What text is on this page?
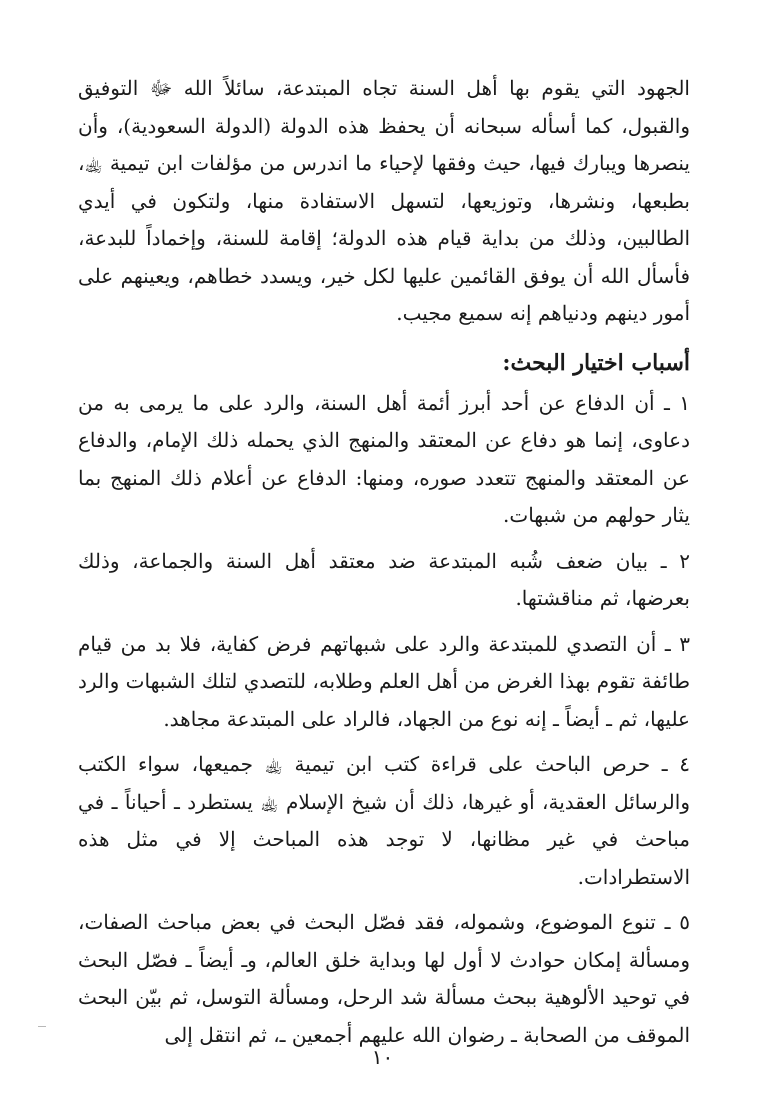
الجهود التي يقوم بها أهل السنة تجاه المبتدعة، سائلاً الله ﷻ التوفيق والقبول، كما أسأله سبحانه أن يحفظ هذه الدولة (الدولة السعودية)، وأن ينصرها ويبارك فيها، حيث وفقها لإحياء ما اندرس من مؤلفات ابن تيمية ﵀، بطبعها، ونشرها، وتوزيعها، لتسهل الاستفادة منها، ولتكون في أيدي الطالبين، وذلك من بداية قيام هذه الدولة؛ إقامة للسنة، وإخماداً للبدعة، فأسأل الله أن يوفق القائمين عليها لكل خير، ويسدد خطاهم، ويعينهم على أمور دينهم ودنياهم إنه سميع مجيب.

أسباب اختيار البحث:

١ ـ أن الدفاع عن أحد أبرز أئمة أهل السنة، والرد على ما يرمى به من دعاوى، إنما هو دفاع عن المعتقد والمنهج الذي يحمله ذلك الإمام، والدفاع عن المعتقد والمنهج تتعدد صوره، ومنها: الدفاع عن أعلام ذلك المنهج بما يثار حولهم من شبهات.

٢ ـ بيان ضعف شُبه المبتدعة ضد معتقد أهل السنة والجماعة، وذلك بعرضها، ثم مناقشتها.

٣ ـ أن التصدي للمبتدعة والرد على شبهاتهم فرض كفاية، فلا بد من قيام طائفة تقوم بهذا الغرض من أهل العلم وطلابه، للتصدي لتلك الشبهات والرد عليها، ثم ـ أيضاً ـ إنه نوع من الجهاد، فالراد على المبتدعة مجاهد.

٤ ـ حرص الباحث على قراءة كتب ابن تيمية ﵀ جميعها، سواء الكتب والرسائل العقدية، أو غيرها، ذلك أن شيخ الإسلام ﵀ يستطرد ـ أحياناً ـ في مباحث في غير مظانها، لا توجد هذه المباحث إلا في مثل هذه الاستطرادات.

٥ ـ تنوع الموضوع، وشموله، فقد فصّل البحث في بعض مباحث الصفات، ومسألة إمكان حوادث لا أول لها وبداية خلق العالم، وـ أيضاً ـ فصّل البحث في توحيد الألوهية ببحث مسألة شد الرحل، ومسألة التوسل، ثم بيّن البحث الموقف من الصحابة ـ رضوان الله عليهم أجمعين ـ، ثم انتقل إلى

١٠
